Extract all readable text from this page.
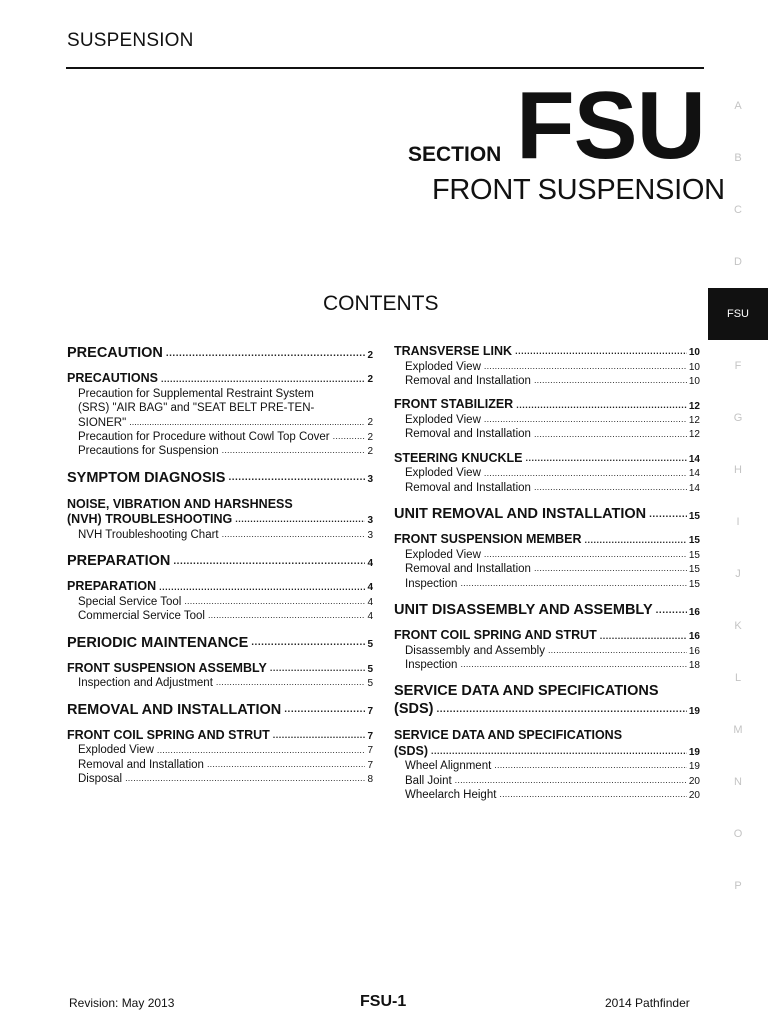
SUSPENSION
SECTION FSU
FRONT SUSPENSION
CONTENTS
A
B
C
D
FSU
F
G
H
I
J
K
L
M
N
O
P
PRECAUTION .....	2
PRECAUTIONS .....	2
Precaution for Supplemental Restraint System
(SRS) "AIR BAG" and "SEAT BELT PRE-TEN-
SIONER" .....	2
Precaution for Procedure without Cowl Top Cover .....	2
Precautions for Suspension .....	2
SYMPTOM DIAGNOSIS .....	3
NOISE, VIBRATION AND HARSHNESS
(NVH) TROUBLESHOOTING .....	3
NVH Troubleshooting Chart .....	3
PREPARATION .....	4
PREPARATION .....	4
Special Service Tool .....	4
Commercial Service Tool .....	4
PERIODIC MAINTENANCE .....	5
FRONT SUSPENSION ASSEMBLY .....	5
Inspection and Adjustment .....	5
REMOVAL AND INSTALLATION .....	7
FRONT COIL SPRING AND STRUT .....	7
Exploded View .....	7
Removal and Installation .....	7
Disposal .....	8
TRANSVERSE LINK .....	10
Exploded View .....	10
Removal and Installation .....	10
FRONT STABILIZER .....	12
Exploded View .....	12
Removal and Installation .....	12
STEERING KNUCKLE .....	14
Exploded View .....	14
Removal and Installation .....	14
UNIT REMOVAL AND INSTALLATION .....	15
FRONT SUSPENSION MEMBER .....	15
Exploded View .....	15
Removal and Installation .....	15
Inspection .....	15
UNIT DISASSEMBLY AND ASSEMBLY .....	16
FRONT COIL SPRING AND STRUT .....	16
Disassembly and Assembly .....	16
Inspection .....	18
SERVICE DATA AND SPECIFICATIONS
(SDS) .....	19
SERVICE DATA AND SPECIFICATIONS
(SDS) .....	19
Wheel Alignment .....	19
Ball Joint .....	20
Wheelarch Height .....	20
Revision: May 2013	FSU-1	2014 Pathfinder
